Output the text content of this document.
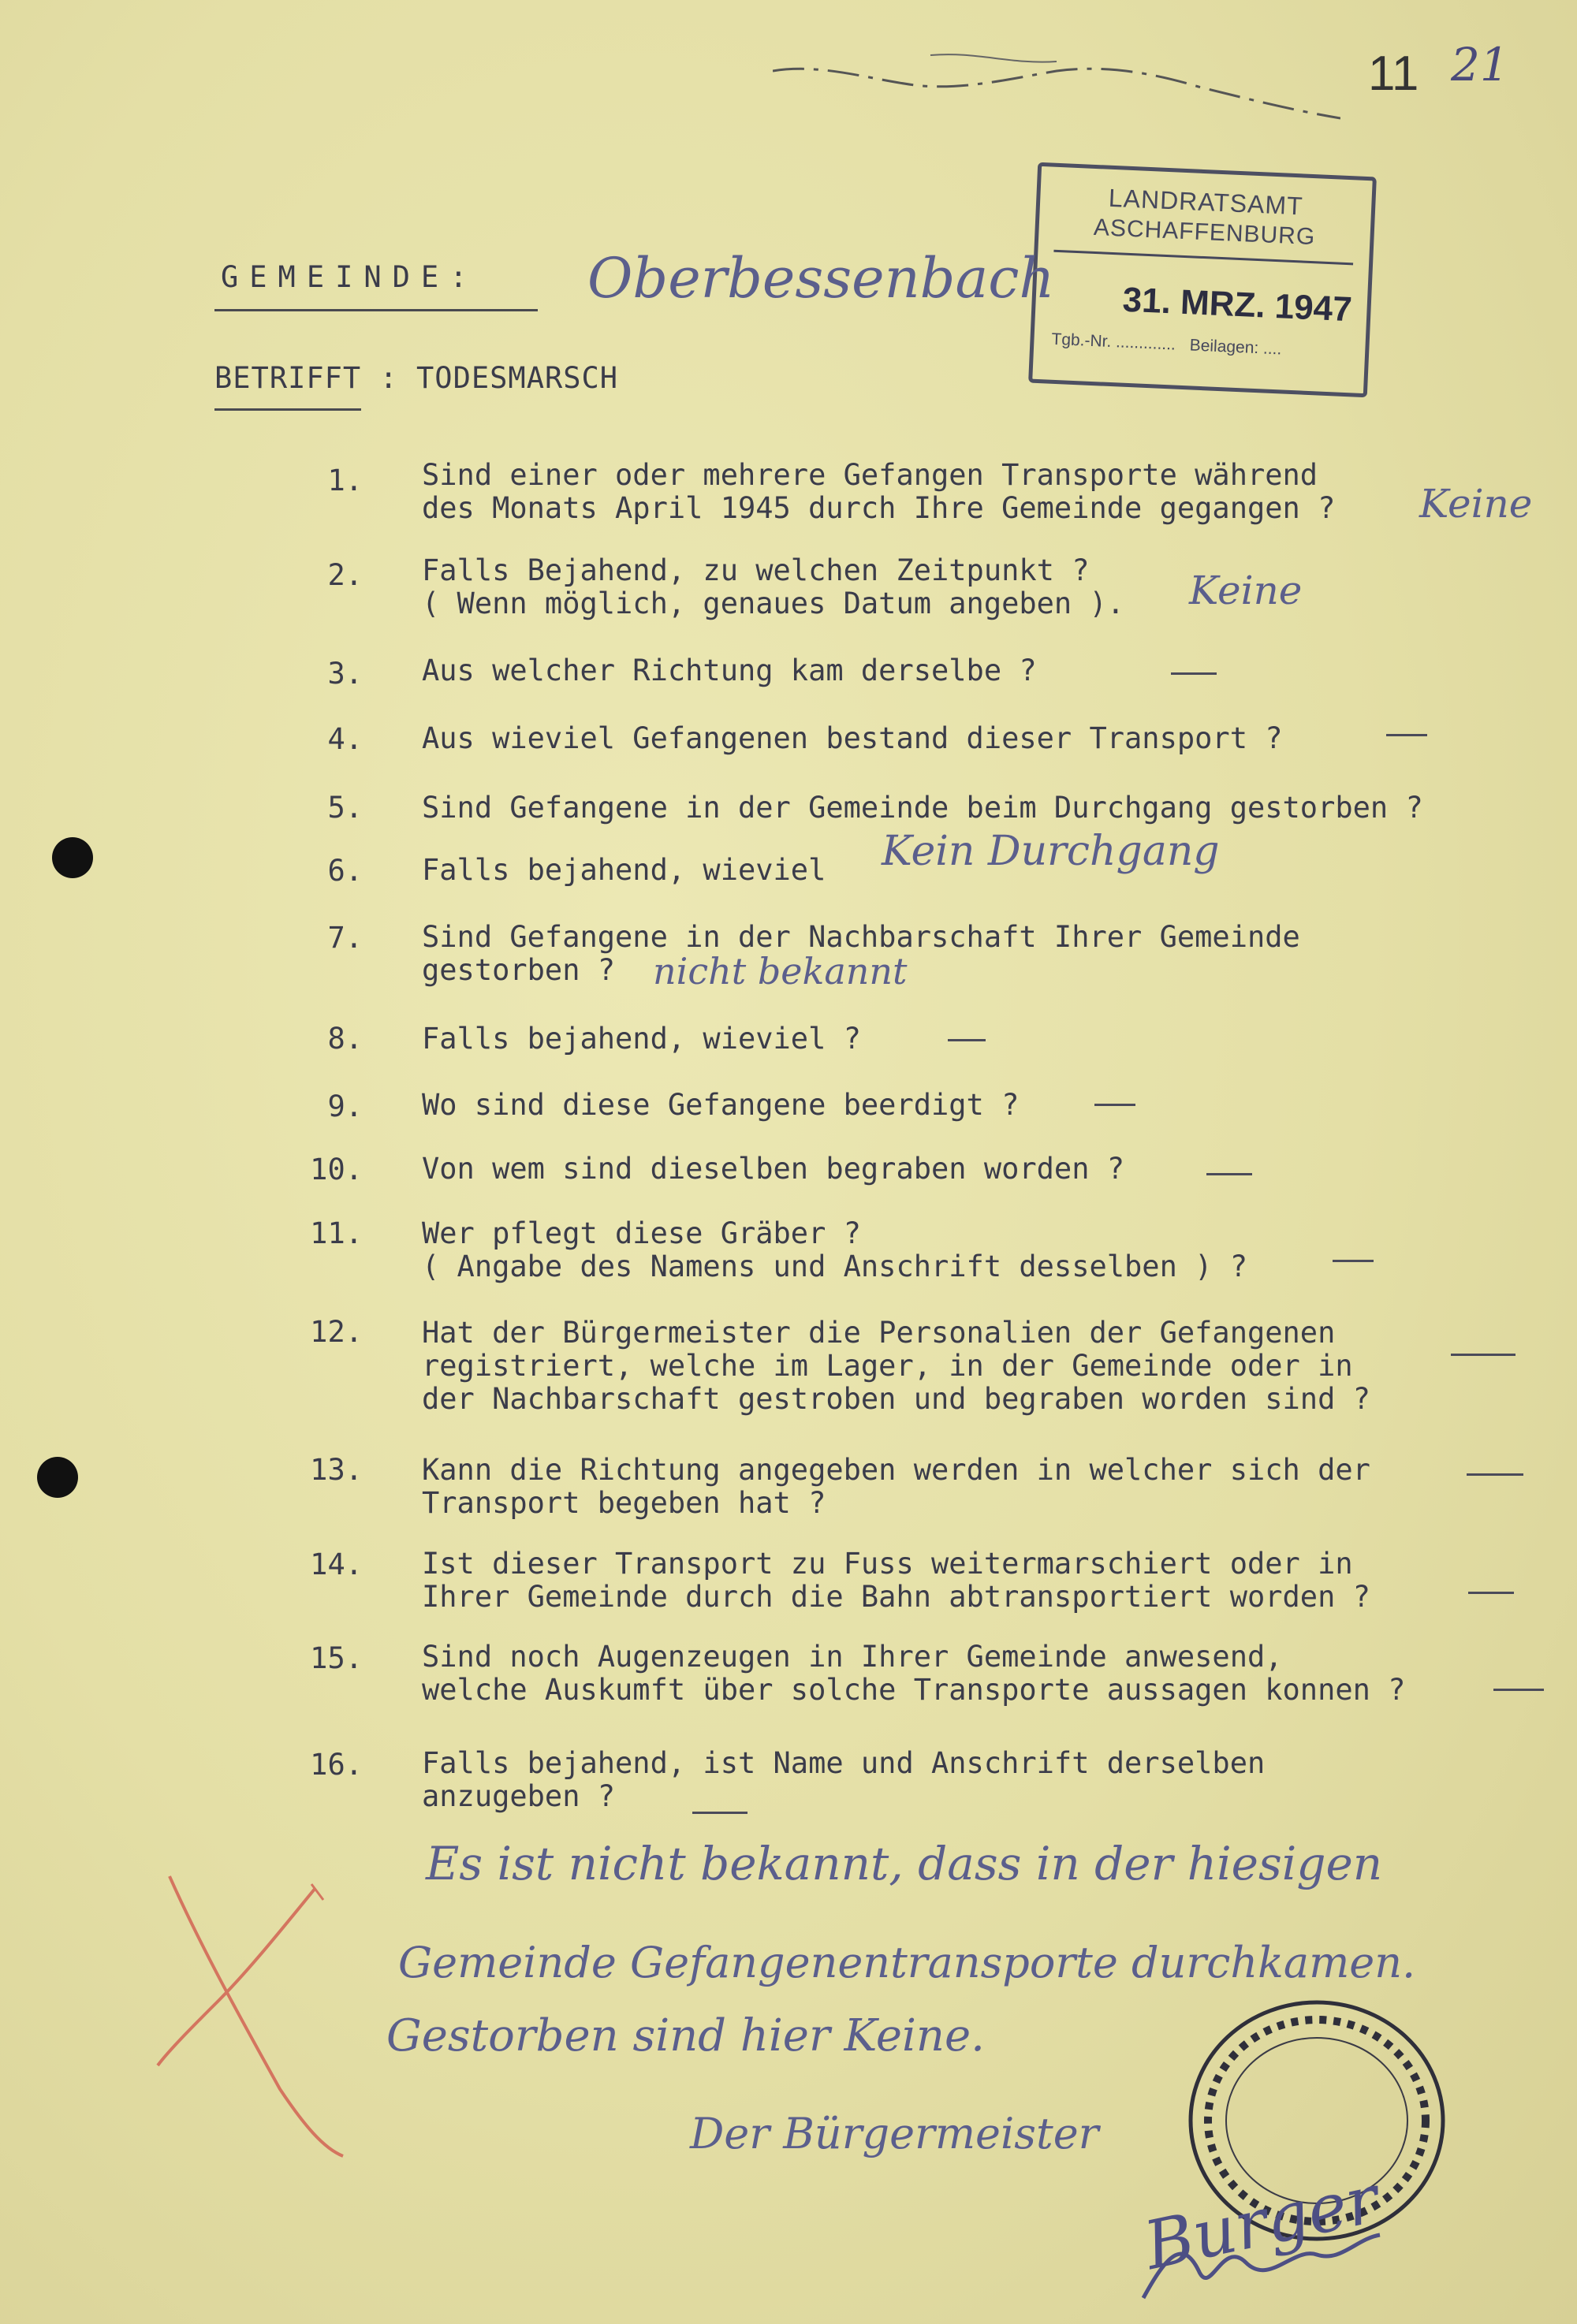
11 21
LANDRATSAMT
ASCHAFFENBURG
31. MRZ. 1947
Tgb.-Nr. ............. Beilagen: ....
GEMEINDE: Oberbessenbach
BETRIFFT : TODESMARSCH
1. Sind einer oder mehrere Gefangen Transporte während
des Monats April 1945 durch Ihre Gemeinde gegangen ? Keine
2. Falls Bejahend, zu welchen Zeitpunkt ?
( Wenn möglich, genaues Datum angeben ). Keine
3. Aus welcher Richtung kam derselbe ?
4. Aus wieviel Gefangenen bestand dieser Transport ?
5. Sind Gefangene in der Gemeinde beim Durchgang gestorben ?
6. Falls bejahend, wieviel Kein Durchgang
7. Sind Gefangene in der Nachbarschaft Ihrer Gemeinde
gestorben ?	nicht bekannt
8. Falls bejahend, wieviel ?
9. Wo sind diese Gefangene beerdigt ?
10. Von wem sind dieselben begraben worden ?
11. Wer pflegt diese Gräber ?
( Angabe des Namens und Anschrift desselben ) ?
12. Hat der Bürgermeister die Personalien der Gefangenen
registriert, welche im Lager, in der Gemeinde oder in
der Nachbarschaft gestroben und begraben worden sind ?
13. Kann die Richtung angegeben werden in welcher sich der
Transport begeben hat ?
14. Ist dieser Transport zu Fuss weitermarschiert oder in
Ihrer Gemeinde durch die Bahn abtransportiert worden ?
15. Sind noch Augenzeugen in Ihrer Gemeinde anwesend,
welche Auskumft über solche Transporte aussagen konnen ?
16. Falls bejahend, ist Name und Anschrift derselben
anzugeben ?
Es ist nicht bekannt, dass in der hiesigen
Gemeinde Gefangenentransporte durchkamen.
Gestorben sind hier Keine.
Der Bürgermeister
Burger
